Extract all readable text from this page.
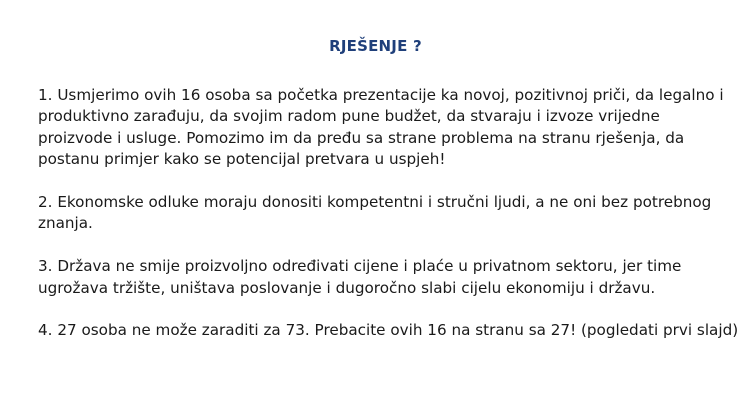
RJEŠENJE ?

1. Usmjerimo ovih 16 osoba sa početka prezentacije ka novoj, pozitivnoj priči, da legalno i
produktivno zarađuju, da svojim radom pune budžet, da stvaraju i izvoze vrijedne
proizvode i usluge. Pomozimo im da pređu sa strane problema na stranu rješenja, da
postanu primjer kako se potencijal pretvara u uspjeh!

2. Ekonomske odluke moraju donositi kompetentni i stručni ljudi, a ne oni bez potrebnog
znanja.

3. Država ne smije proizvoljno određivati cijene i plaće u privatnom sektoru, jer time
ugrožava tržište, uništava poslovanje i dugoročno slabi cijelu ekonomiju i državu.

4. 27 osoba ne može zaraditi za 73. Prebacite ovih 16 na stranu sa 27! (pogledati prvi slajd)
